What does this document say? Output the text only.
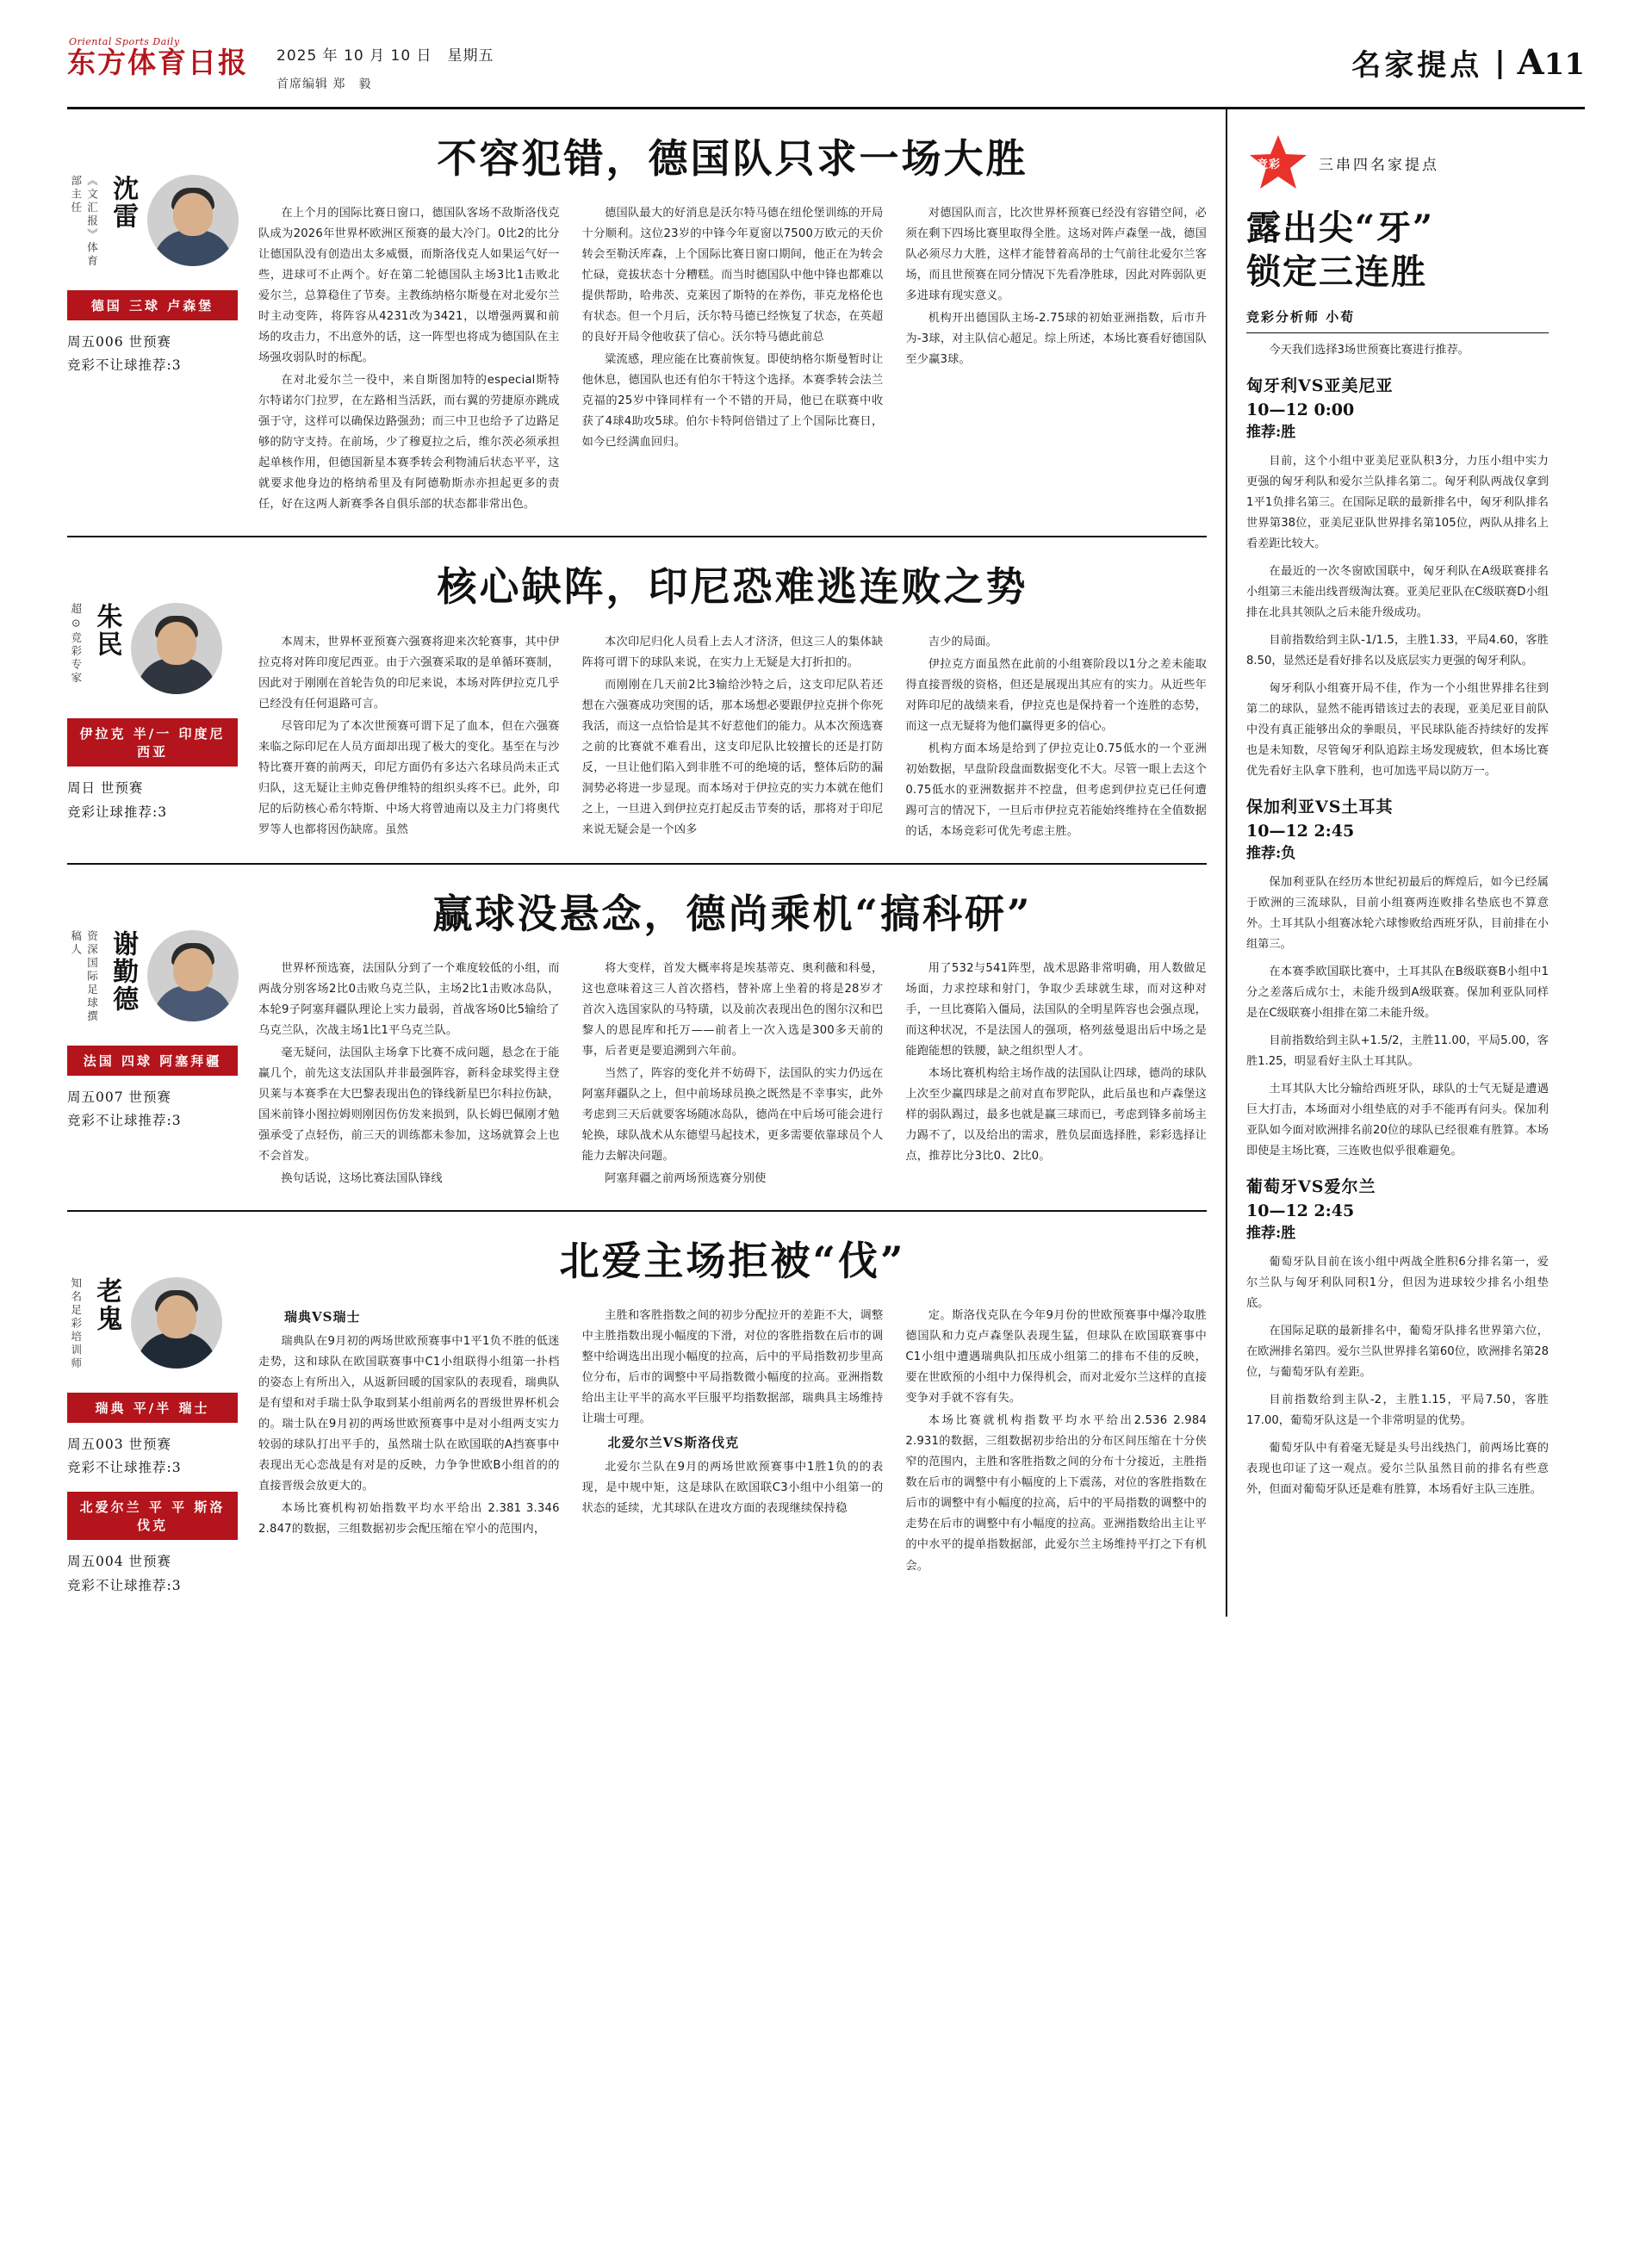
Oriental Sports Daily
东方体育日报 2025 年 10 月 10 日　星期五
首席编辑 郑　毅
名家提点 | A11
《文汇报》体育部主任 沈雷
德国 三球 卢森堡
周五006 世预赛
竞彩不让球推荐:3
不容犯错，德国队只求一场大胜

在上个月的国际比赛日窗口，德国队客场不敌斯洛伐克队成为2026年世界杯欧洲区预赛的最大冷门。0比2的比分让德国队没有创造出太多威慑，而斯洛伐克人如果运气好一些，进球可不止两个。好在第二轮德国队主场3比1击败北爱尔兰，总算稳住了节奏。主教练纳格尔斯曼在对北爱尔兰时主动变阵，将阵容从4231改为3421，以增强两翼和前场的攻击力，不出意外的话，这一阵型也将成为德国队在主场强攻弱队时的标配。

在对北爱尔兰一役中，来自斯图加特的especial斯特尔特诺尔门拉罗，在左路相当活跃，而右翼的劳捷原亦跳成强于守，这样可以确保边路强劲；而三中卫也给予了边路足够的防守支持。在前场，少了穆夏拉之后，维尔茨必须承担起单核作用，但德国新星本赛季转会利物浦后状态平平，这就要求他身边的格纳希里及有阿德勒斯赤亦担起更多的责任，好在这两人新赛季各自俱乐部的状态都非常出色。

德国队最大的好消息是沃尔特马德在纽伦堡训练的开局十分顺利。这位23岁的中锋今年夏窗以7500万欧元的天价转会至勒沃库森，上个国际比赛日窗口期间，他正在为转会忙碌，竟拔状态十分糟糕。而当时德国队中他中锋也都难以提供帮助，哈弗茨、克莱因了斯特的在养伤，菲克龙格伦也有状态。但一个月后，沃尔特马德已经恢复了状态，在英超的良好开局令他收获了信心。沃尔特马德此前总

粱流感，理应能在比赛前恢复。即使纳格尔斯曼暂时让他休息，德国队也还有伯尔干特这个选择。本赛季转会法兰克福的25岁中锋同样有一个不错的开局，他已在联赛中收获了4球4助攻5球。伯尔卡特阿倍错过了上个国际比赛日，如今已经满血回归。

对德国队而言，比次世界杯预赛已经没有容错空间，必须在剩下四场比赛里取得全胜。这场对阵卢森堡一战，德国队必须尽力大胜，这样才能替着高昂的士气前往北爱尔兰客场，而且世预赛在同分情况下先看净胜球，因此对阵弱队更多进球有现实意义。

机构开出德国队主场-2.75球的初始亚洲指数，后市升为-3球，对主队信心超足。综上所述，本场比赛看好德国队至少赢3球。

超⊙竞彩专家 朱民
伊拉克 半/一 印度尼西亚
周日 世预赛
竞彩让球推荐:3
核心缺阵，印尼恐难逃连败之势

本周末，世界杯亚预赛六强赛将迎来次轮赛事，其中伊拉克将对阵印度尼西亚。由于六强赛采取的是单循环赛制，因此对于刚刚在首轮告负的印尼来说，本场对阵伊拉克几乎已经没有任何退路可言。

尽管印尼为了本次世预赛可谓下足了血本，但在六强赛来临之际印尼在人员方面却出现了极大的变化。基至在与沙特比赛开赛的前两天，印尼方面仍有多达六名球员尚未正式归队，这无疑让主帅克鲁伊维特的组织头疼不已。此外，印尼的后防核心希尔特斯、中场大将曾迪南以及主力门将奥代罗等人也都将因伤缺席。虽然

本次印尼归化人员看上去人才济济，但这三人的集体缺阵将可谓下的球队来说，在实力上无疑是大打折扣的。

而刚刚在几天前2比3输给沙特之后，这支印尼队若还想在六强赛成功突围的话，那本场想必要跟伊拉克拼个你死我活，而这一点恰恰是其不好惹他们的能力。从本次预选赛之前的比赛就不难看出，这支印尼队比较擅长的还是打防反，一旦让他们陷入到非胜不可的绝境的话，整体后防的漏洞势必将进一步显现。而本场对于伊拉克的实力本就在他们之上，一旦进入到伊拉克打起反击节奏的话，那将对于印尼来说无疑会是一个凶多

吉少的局面。

伊拉克方面虽然在此前的小组赛阶段以1分之差未能取得直接晋级的资格，但还是展现出其应有的实力。从近些年对阵印尼的战绩来看，伊拉克也是保持着一个连胜的态势，而这一点无疑将为他们赢得更多的信心。

机构方面本场是给到了伊拉克让0.75低水的一个亚洲初始数据，早盘阶段盘面数据变化不大。尽管一眼上去这个0.75低水的亚洲数据并不控盘，但考虑到伊拉克已任何遭踢可言的情况下，一旦后市伊拉克若能始终维持在全值数据的话，本场竞彩可优先考虑主胜。

资深国际足球撰稿人 谢勤德
法国 四球 阿塞拜疆
周五007 世预赛
竞彩不让球推荐:3
赢球没悬念，德尚乘机“搞科研”

世界杯预选赛，法国队分到了一个难度较低的小组，而两战分别客场2比0击败乌克兰队，主场2比1击败冰岛队，本轮9子阿塞拜疆队理论上实力最弱，首战客场0比5输给了乌克兰队，次战主场1比1平乌克兰队。

毫无疑问，法国队主场拿下比赛不成问题，悬念在于能赢几个，前先这支法国队并非最强阵容，新科金球奖得主登贝莱与本赛季在大巴黎表现出色的锋线新星巴尔科拉伤缺，国米前锋小图拉姆则刚因伤仿发来损到，队长姆巴佩刚才勉强承受了点轻伤，前三天的训练都未参加，这场就算会上也不会首发。

换句话说，这场比赛法国队锋线

将大变样，首发大概率将是埃基蒂克、奥利薇和科曼，这也意味着这三人首次搭档，替补席上坐着的将是28岁才首次入选国家队的马特璜，以及前次表现出色的图尔汉和巴黎人的恩昆库和托万——前者上一次入选是300多天前的事，后者更是要追溯到六年前。

当然了，阵容的变化并不妨碍下，法国队的实力仍远在阿塞拜疆队之上，但中前场球员换之既然是不幸事实，此外考虑到三天后就要客场随冰岛队，德尚在中后场可能会进行轮换，球队战术从东德望马起技术，更多需要依靠球员个人能力去解决问题。

阿塞拜疆之前两场预选赛分别使

用了532与541阵型，战术思路非常明确，用人数做足场面，力求控球和射门，争取少丢球就生球，而对这种对手，一旦比赛陷入僵局，法国队的全明星阵容也会强点现，而这种状况，不是法国人的强项，格列兹曼退出后中场之是能跑能想的铁腰，缺之组织型人才。

本场比赛机构给主场作战的法国队让四球，德尚的球队上次至少赢四球是之前对直布罗陀队，此后虽也和卢森堡这样的弱队踢过，最多也就是赢三球而已，考虑到锋多前场主力踢不了，以及给出的需求，胜负层面选择胜，彩彩选择让点，推荐比分3比0、2比0。

知名足彩培训师 老鬼
瑞典 平/半 瑞士
周五003 世预赛
竞彩不让球推荐:3
北爱尔兰 平 平 斯洛伐克
周五004 世预赛
竞彩不让球推荐:3
北爱主场拒被“伐”

瑞典VS瑞士

瑞典队在9月初的两场世欧预赛事中1平1负不胜的低迷走势，这和球队在欧国联赛事中C1小组联得小组第一扑档的姿态上有所出入，从返新回暖的国家队的表现看，瑞典队是有望和对手瑞士队争取到某小组前两名的晋级世界杯机会的。瑞士队在9月初的两场世欧预赛事中是对小组两支实力较弱的球队打出平手的，虽然瑞士队在欧国联的A挡赛事中表现出无心恋战是有对是的反映，力争争世欧B小组首的的直接晋级会放更大的。

本场比赛机构初始指数平均水平给出 2.381 3.346 2.847的数据，三组数据初步会配压缩在窄小的范围内，

主胜和客胜指数之间的初步分配拉开的差距不大，调整中主胜指数出现小幅度的下滑，对位的客胜指数在后市的调整中给调选出出现小幅度的拉高，后中的平局指数初步里高位分布，后市的调整中平局指数微小幅度的拉高。亚洲指数给出主让平半的高水平巨服平均指数据部，瑞典具主场维持让瑞士可理。

北爱尔兰VS斯洛伐克

北爱尔兰队在9月的两场世欧预赛事中1胜1负的的表现，是中规中矩，这是球队在欧国联C3小组中小组第一的状态的延续，尤其球队在进攻方面的表现继续保持稳

定。斯洛伐克队在今年9月份的世欧预赛事中爆冷取胜德国队和力克卢森堡队表现生猛，但球队在欧国联赛事中C1小组中遭遇瑞典队扣压成小组第二的排布不佳的反映，要在世欧预的小组中力保得机会，而对北爱尔兰这样的直接变争对手就不容有失。

本场比赛就机构指数平均水平给出2.536 2.984 2.931的数据，三组数据初步给出的分布区间压缩在十分侠窄的范围内，主胜和客胜指数之间的分布十分接近，主胜指数在后市的调整中有小幅度的上下震荡，对位的客胜指数在后市的调整中有小幅度的拉高，后中的平局指数的调整中的走势在后市的调整中有小幅度的拉高。亚洲指数给出主让平的中水平的提单指数据部，此爱尔兰主场维持平打之下有机会。

竞彩	三串四名家提点
露出尖“牙”
锁定三连胜
竞彩分析师 小荀

今天我们选择3场世预赛比赛进行推荐。

匈牙利VS亚美尼亚
10—12 0:00
推荐:胜

目前，这个小组中亚美尼亚队积3分，力压小组中实力更强的匈牙利队和爱尔兰队排名第二。匈牙利队两战仅拿到1平1负排名第三。在国际足联的最新排名中，匈牙利队排名世界第38位，亚美尼亚队世界排名第105位，两队从排名上看差距比较大。

在最近的一次冬窗欧国联中，匈牙利队在A级联赛排名小组第三未能出线晋级淘汰赛。亚美尼亚队在C级联赛D小组排在北具其领队之后未能升级成功。

目前指数给到主队-1/1.5，主胜1.33，平局4.60，客胜8.50，显然还是看好排名以及底层实力更强的匈牙利队。

匈牙利队小组赛开局不佳，作为一个小组世界排名往到第二的球队，显然不能再错该过去的表现，亚美尼亚目前队中没有真正能够出众的拳眼员，平民球队能否持续好的发挥也是未知数，尽管匈牙利队追踪主场发现疲软，但本场比赛优先看好主队拿下胜利，也可加选平局以防万一。

保加利亚VS土耳其
10—12 2:45
推荐:负

保加利亚队在经历本世纪初最后的辉煌后，如今已经属于欧洲的三流球队，目前小组赛两连败排名垫底也不算意外。土耳其队小组赛冰轮六球惨败给西班牙队，目前排在小组第三。

在本赛季欧国联比赛中，土耳其队在B级联赛B小组中1分之差落后成尔士，未能升级到A级联赛。保加利亚队同样是在C级联赛小组排在第二未能升级。

目前指数给到主队+1.5/2，主胜11.00，平局5.00，客胜1.25，明显看好主队土耳其队。

土耳其队大比分输给西班牙队，球队的士气无疑是遭遇巨大打击，本场面对小组垫底的对手不能再有问头。保加利亚队如今面对欧洲排名前20位的球队已经很难有胜算。本场即使是主场比赛，三连败也似乎很难避免。

葡萄牙VS爱尔兰
10—12 2:45
推荐:胜

葡萄牙队目前在该小组中两战全胜积6分排名第一，爱尔兰队与匈牙利队同积1分，但因为进球较少排名小组垫底。

在国际足联的最新排名中，葡萄牙队排名世界第六位，在欧洲排名第四。爱尔兰队世界排名第60位，欧洲排名第28位，与葡萄牙队有差距。

目前指数给到主队-2，主胜1.15，平局7.50，客胜17.00，葡萄牙队这是一个非常明显的优势。

葡萄牙队中有着毫无疑是头号出线热门，前两场比赛的表现也印证了这一观点。爱尔兰队虽然目前的排名有些意外，但面对葡萄牙队还是难有胜算，本场看好主队三连胜。
